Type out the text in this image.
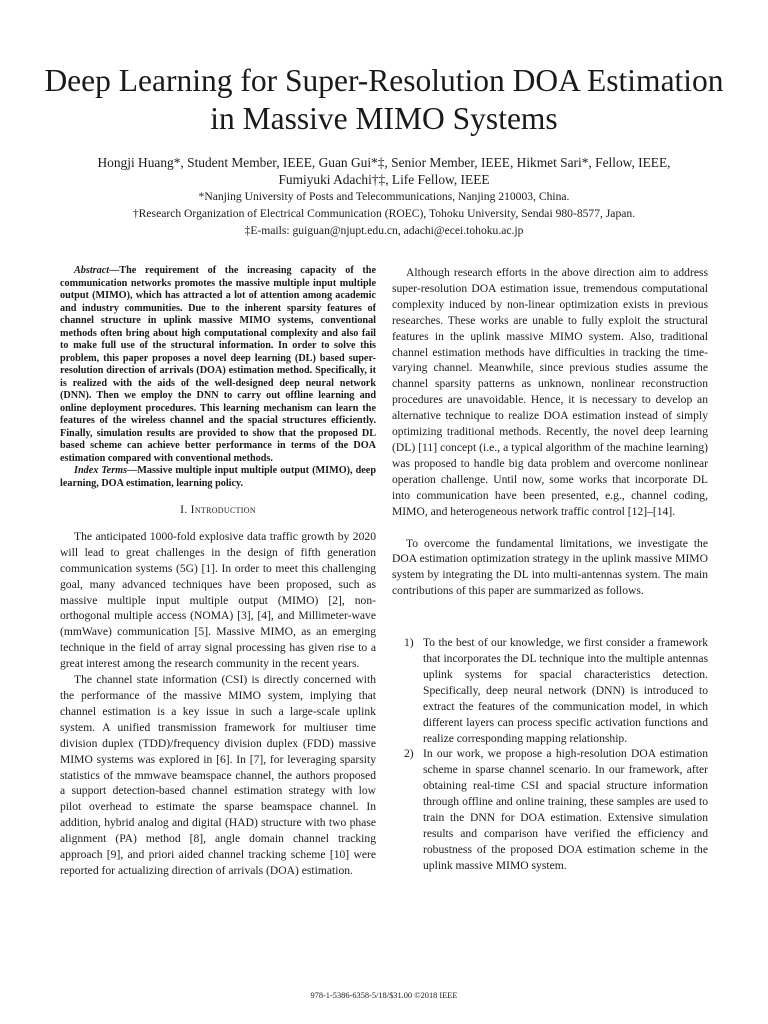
Deep Learning for Super-Resolution DOA Estimation in Massive MIMO Systems
Hongji Huang*, Student Member, IEEE, Guan Gui*‡, Senior Member, IEEE, Hikmet Sari*, Fellow, IEEE,
Fumiyuki Adachi†‡, Life Fellow, IEEE
*Nanjing University of Posts and Telecommunications, Nanjing 210003, China.
†Research Organization of Electrical Communication (ROEC), Tohoku University, Sendai 980-8577, Japan.
‡E-mails: guiguan@njupt.edu.cn, adachi@ecei.tohoku.ac.jp

Abstract—The requirement of the increasing capacity of the communication networks promotes the massive multiple input multiple output (MIMO), which has attracted a lot of attention among academic and industry communities. Due to the inherent sparsity features of channel structure in uplink massive MIMO systems, conventional methods often bring about high computational complexity and also fail to make full use of the structural information. In order to solve this problem, this paper proposes a novel deep learning (DL) based super-resolution direction of arrivals (DOA) estimation method. Specifically, it is realized with the aids of the well-designed deep neural network (DNN). Then we employ the DNN to carry out offline learning and online deployment procedures. This learning mechanism can learn the features of the wireless channel and the spacial structures efficiently. Finally, simulation results are provided to show that the proposed DL based scheme can achieve better performance in terms of the DOA estimation compared with conventional methods.

Index Terms—Massive multiple input multiple output (MIMO), deep learning, DOA estimation, learning policy.

I. Introduction

The anticipated 1000-fold explosive data traffic growth by 2020 will lead to great challenges in the design of fifth generation communication systems (5G) [1]. In order to meet this challenging goal, many advanced techniques have been proposed, such as massive multiple input multiple output (MIMO) [2], non-orthogonal multiple access (NOMA) [3], [4], and Millimeter-wave (mmWave) communication [5]. Massive MIMO, as an emerging technique in the field of array signal processing has given rise to a great interest among the research community in the recent years.

The channel state information (CSI) is directly concerned with the performance of the massive MIMO system, implying that channel estimation is a key issue in such a large-scale uplink system. A unified transmission framework for multiuser time division duplex (TDD)/frequency division duplex (FDD) massive MIMO systems was explored in [6]. In [7], for leveraging sparsity statistics of the mmwave beamspace channel, the authors proposed a support detection-based channel estimation strategy with low pilot overhead to estimate the sparse beamspace channel. In addition, hybrid analog and digital (HAD) structure with two phase alignment (PA) method [8], angle domain channel tracking approach [9], and priori aided channel tracking scheme [10] were reported for actualizing direction of arrivals (DOA) estimation.

Although research efforts in the above direction aim to address super-resolution DOA estimation issue, tremendous computational complexity induced by non-linear optimization exists in previous researches. These works are unable to fully exploit the structural features in the uplink massive MIMO system. Also, traditional channel estimation methods have difficulties in tracking the time-varying channel. Meanwhile, since previous studies assume the channel sparsity patterns as unknown, nonlinear reconstruction procedures are unavoidable. Hence, it is necessary to develop an alternative technique to realize DOA estimation instead of simply optimizing traditional methods. Recently, the novel deep learning (DL) [11] concept (i.e., a typical algorithm of the machine learning) was proposed to handle big data problem and overcome nonlinear operation challenge. Until now, some works that incorporate DL into communication have been presented, e.g., channel coding, MIMO, and heterogeneous network traffic control [12]–[14].

To overcome the fundamental limitations, we investigate the DOA estimation optimization strategy in the uplink massive MIMO system by integrating the DL into multi-antennas system. The main contributions of this paper are summarized as follows.

1) To the best of our knowledge, we first consider a framework that incorporates the DL technique into the multiple antennas uplink systems for spacial characteristics detection. Specifically, deep neural network (DNN) is introduced to extract the features of the communication model, in which different layers can process specific activation functions and realize corresponding mapping relationship.
2) In our work, we propose a high-resolution DOA estimation scheme in sparse channel scenario. In our framework, after obtaining real-time CSI and spacial structure information through offline and online training, these samples are used to train the DNN for DOA estimation. Extensive simulation results and comparison have verified the efficiency and robustness of the proposed DOA estimation scheme in the uplink massive MIMO system.
978-1-5386-6358-5/18/$31.00 ©2018 IEEE
